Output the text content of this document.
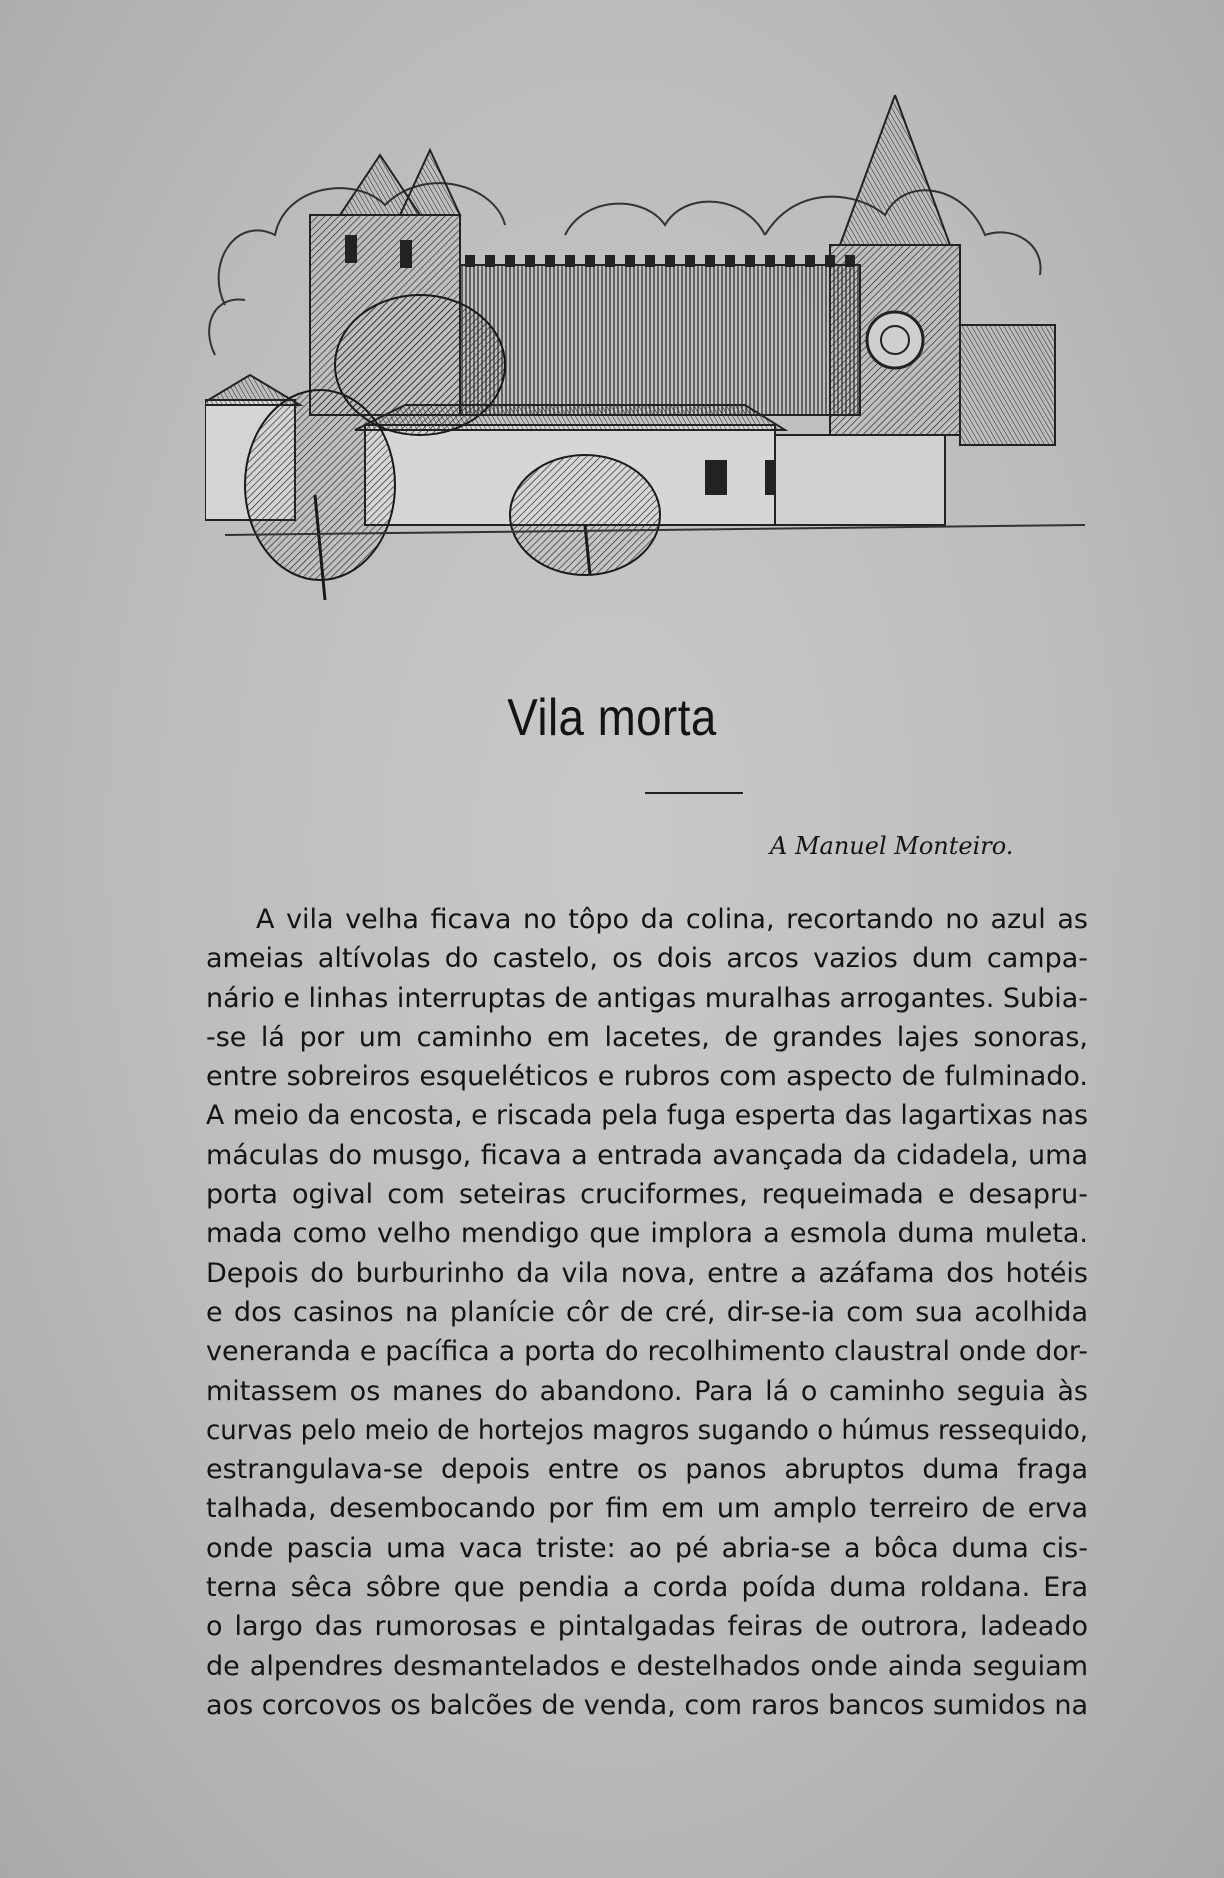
Vila morta
A Manuel Monteiro.
A vila velha ficava no tôpo da colina, recortando no azul as
ameias altívolas do castelo, os dois arcos vazios dum campa-
nário e linhas interruptas de antigas muralhas arrogantes. Subia-
-se lá por um caminho em lacetes, de grandes lajes sonoras,
entre sobreiros esqueléticos e rubros com aspecto de fulminado.
A meio da encosta, e riscada pela fuga esperta das lagartixas nas
máculas do musgo, ficava a entrada avançada da cidadela, uma
porta ogival com seteiras cruciformes, requeimada e desapru-
mada como velho mendigo que implora a esmola duma muleta.
Depois do burburinho da vila nova, entre a azáfama dos hotéis
e dos casinos na planície côr de cré, dir-se-ia com sua acolhida
veneranda e pacífica a porta do recolhimento claustral onde dor-
mitassem os manes do abandono. Para lá o caminho seguia às
curvas pelo meio de hortejos magros sugando o húmus ressequido,
estrangulava-se depois entre os panos abruptos duma fraga
talhada, desembocando por fim em um amplo terreiro de erva
onde pascia uma vaca triste: ao pé abria-se a bôca duma cis-
terna sêca sôbre que pendia a corda poída duma roldana. Era
o largo das rumorosas e pintalgadas feiras de outrora, ladeado
de alpendres desmantelados e destelhados onde ainda seguiam
aos corcovos os balcões de venda, com raros bancos sumidos na
